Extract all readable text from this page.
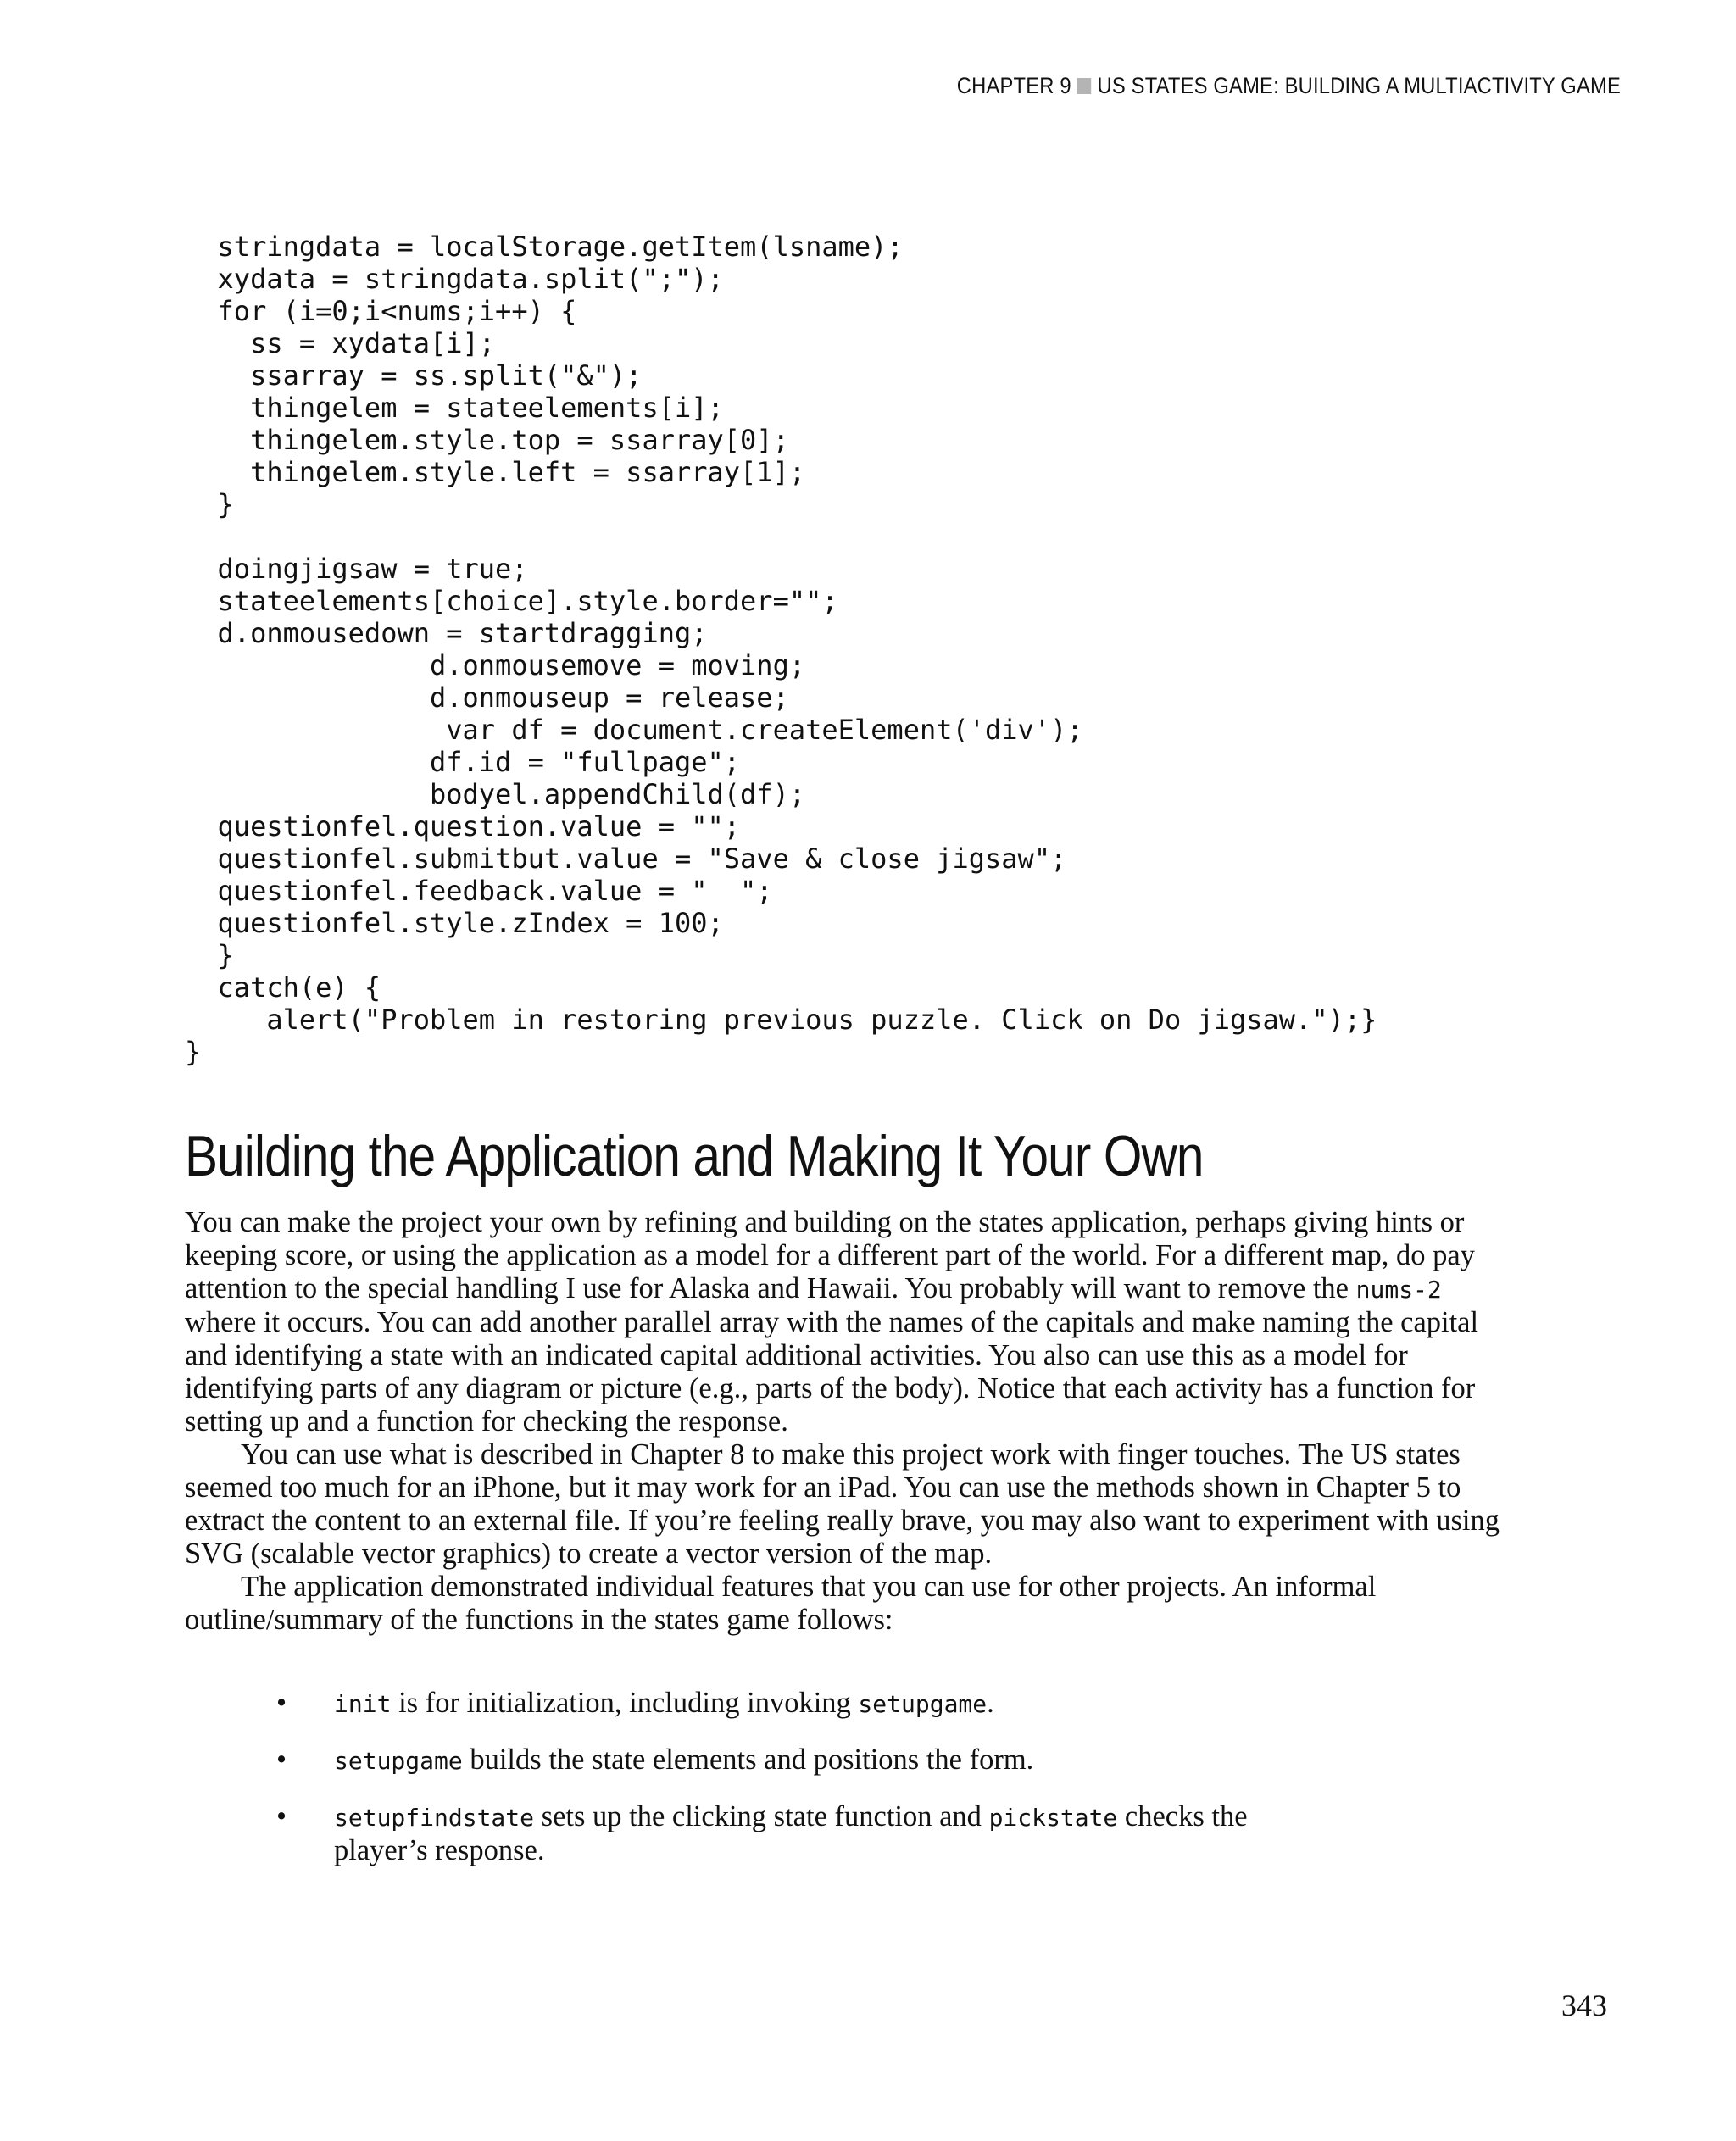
CHAPTER 9 US STATES GAME: BUILDING A MULTIACTIVITY GAME
stringdata = localStorage.getItem(lsname);
xydata = stringdata.split(";");
for (i=0;i<nums;i++) {
ss = xydata[i];
ssarray = ss.split("&");
thingelem = stateelements[i];
thingelem.style.top = ssarray[0];
thingelem.style.left = ssarray[1];
}

doingjigsaw = true;
stateelements[choice].style.border="";
d.onmousedown = startdragging;
d.onmousemove = moving;
d.onmouseup = release;
var df = document.createElement('div');
df.id = "fullpage";
bodyel.appendChild(df);
questionfel.question.value = "";
questionfel.submitbut.value = "Save & close jigsaw";
questionfel.feedback.value = "  ";
questionfel.style.zIndex = 100;
}
catch(e) {
alert("Problem in restoring previous puzzle. Click on Do jigsaw.");}
}
Building the Application and Making It Your Own

You can make the project your own by refining and building on the states application, perhaps giving hints or keeping score, or using the application as a model for a different part of the world. For a different map, do pay attention to the special handling I use for Alaska and Hawaii. You probably will want to remove the nums-2 where it occurs. You can add another parallel array with the names of the capitals and make naming the capital and identifying a state with an indicated capital additional activities. You also can use this as a model for identifying parts of any diagram or picture (e.g., parts of the body). Notice that each activity has a function for setting up and a function for checking the response.

You can use what is described in Chapter 8 to make this project work with finger touches. The US states seemed too much for an iPhone, but it may work for an iPad. You can use the methods shown in Chapter 5 to extract the content to an external file. If you’re feeling really brave, you may also want to experiment with using SVG (scalable vector graphics) to create a vector version of the map.

The application demonstrated individual features that you can use for other projects. An informal outline/summary of the functions in the states game follows:

• init is for initialization, including invoking setupgame.
• setupgame builds the state elements and positions the form.
• setupfindstate sets up the clicking state function and pickstate checks the player’s response.
343
